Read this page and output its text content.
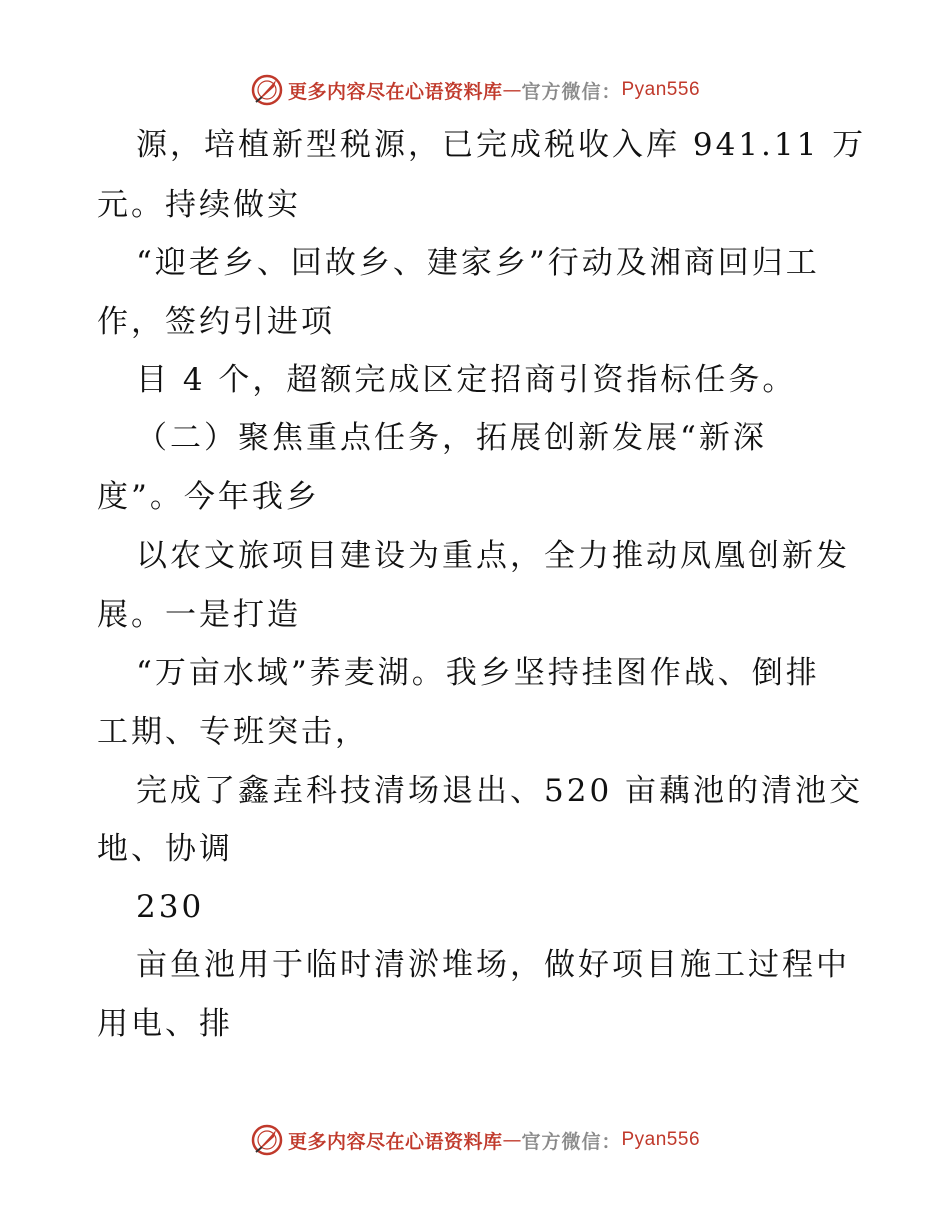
更多内容尽在心语资料库 — 官方微信： Pyan556
源，培植新型税源，已完成税收入库 941.11 万
元。持续做实
“迎老乡、回故乡、建家乡”行动及湘商回归工
作，签约引进项
目 4 个，超额完成区定招商引资指标任务。
（二）聚焦重点任务，拓展创新发展“新深
度”。今年我乡
以农文旅项目建设为重点，全力推动凤凰创新发
展。一是打造
“万亩水域”荞麦湖。我乡坚持挂图作战、倒排
工期、专班突击，
完成了鑫垚科技清场退出、520 亩藕池的清池交
地、协调
230
亩鱼池用于临时清淤堆场，做好项目施工过程中
用电、排
更多内容尽在心语资料库 — 官方微信： Pyan556
